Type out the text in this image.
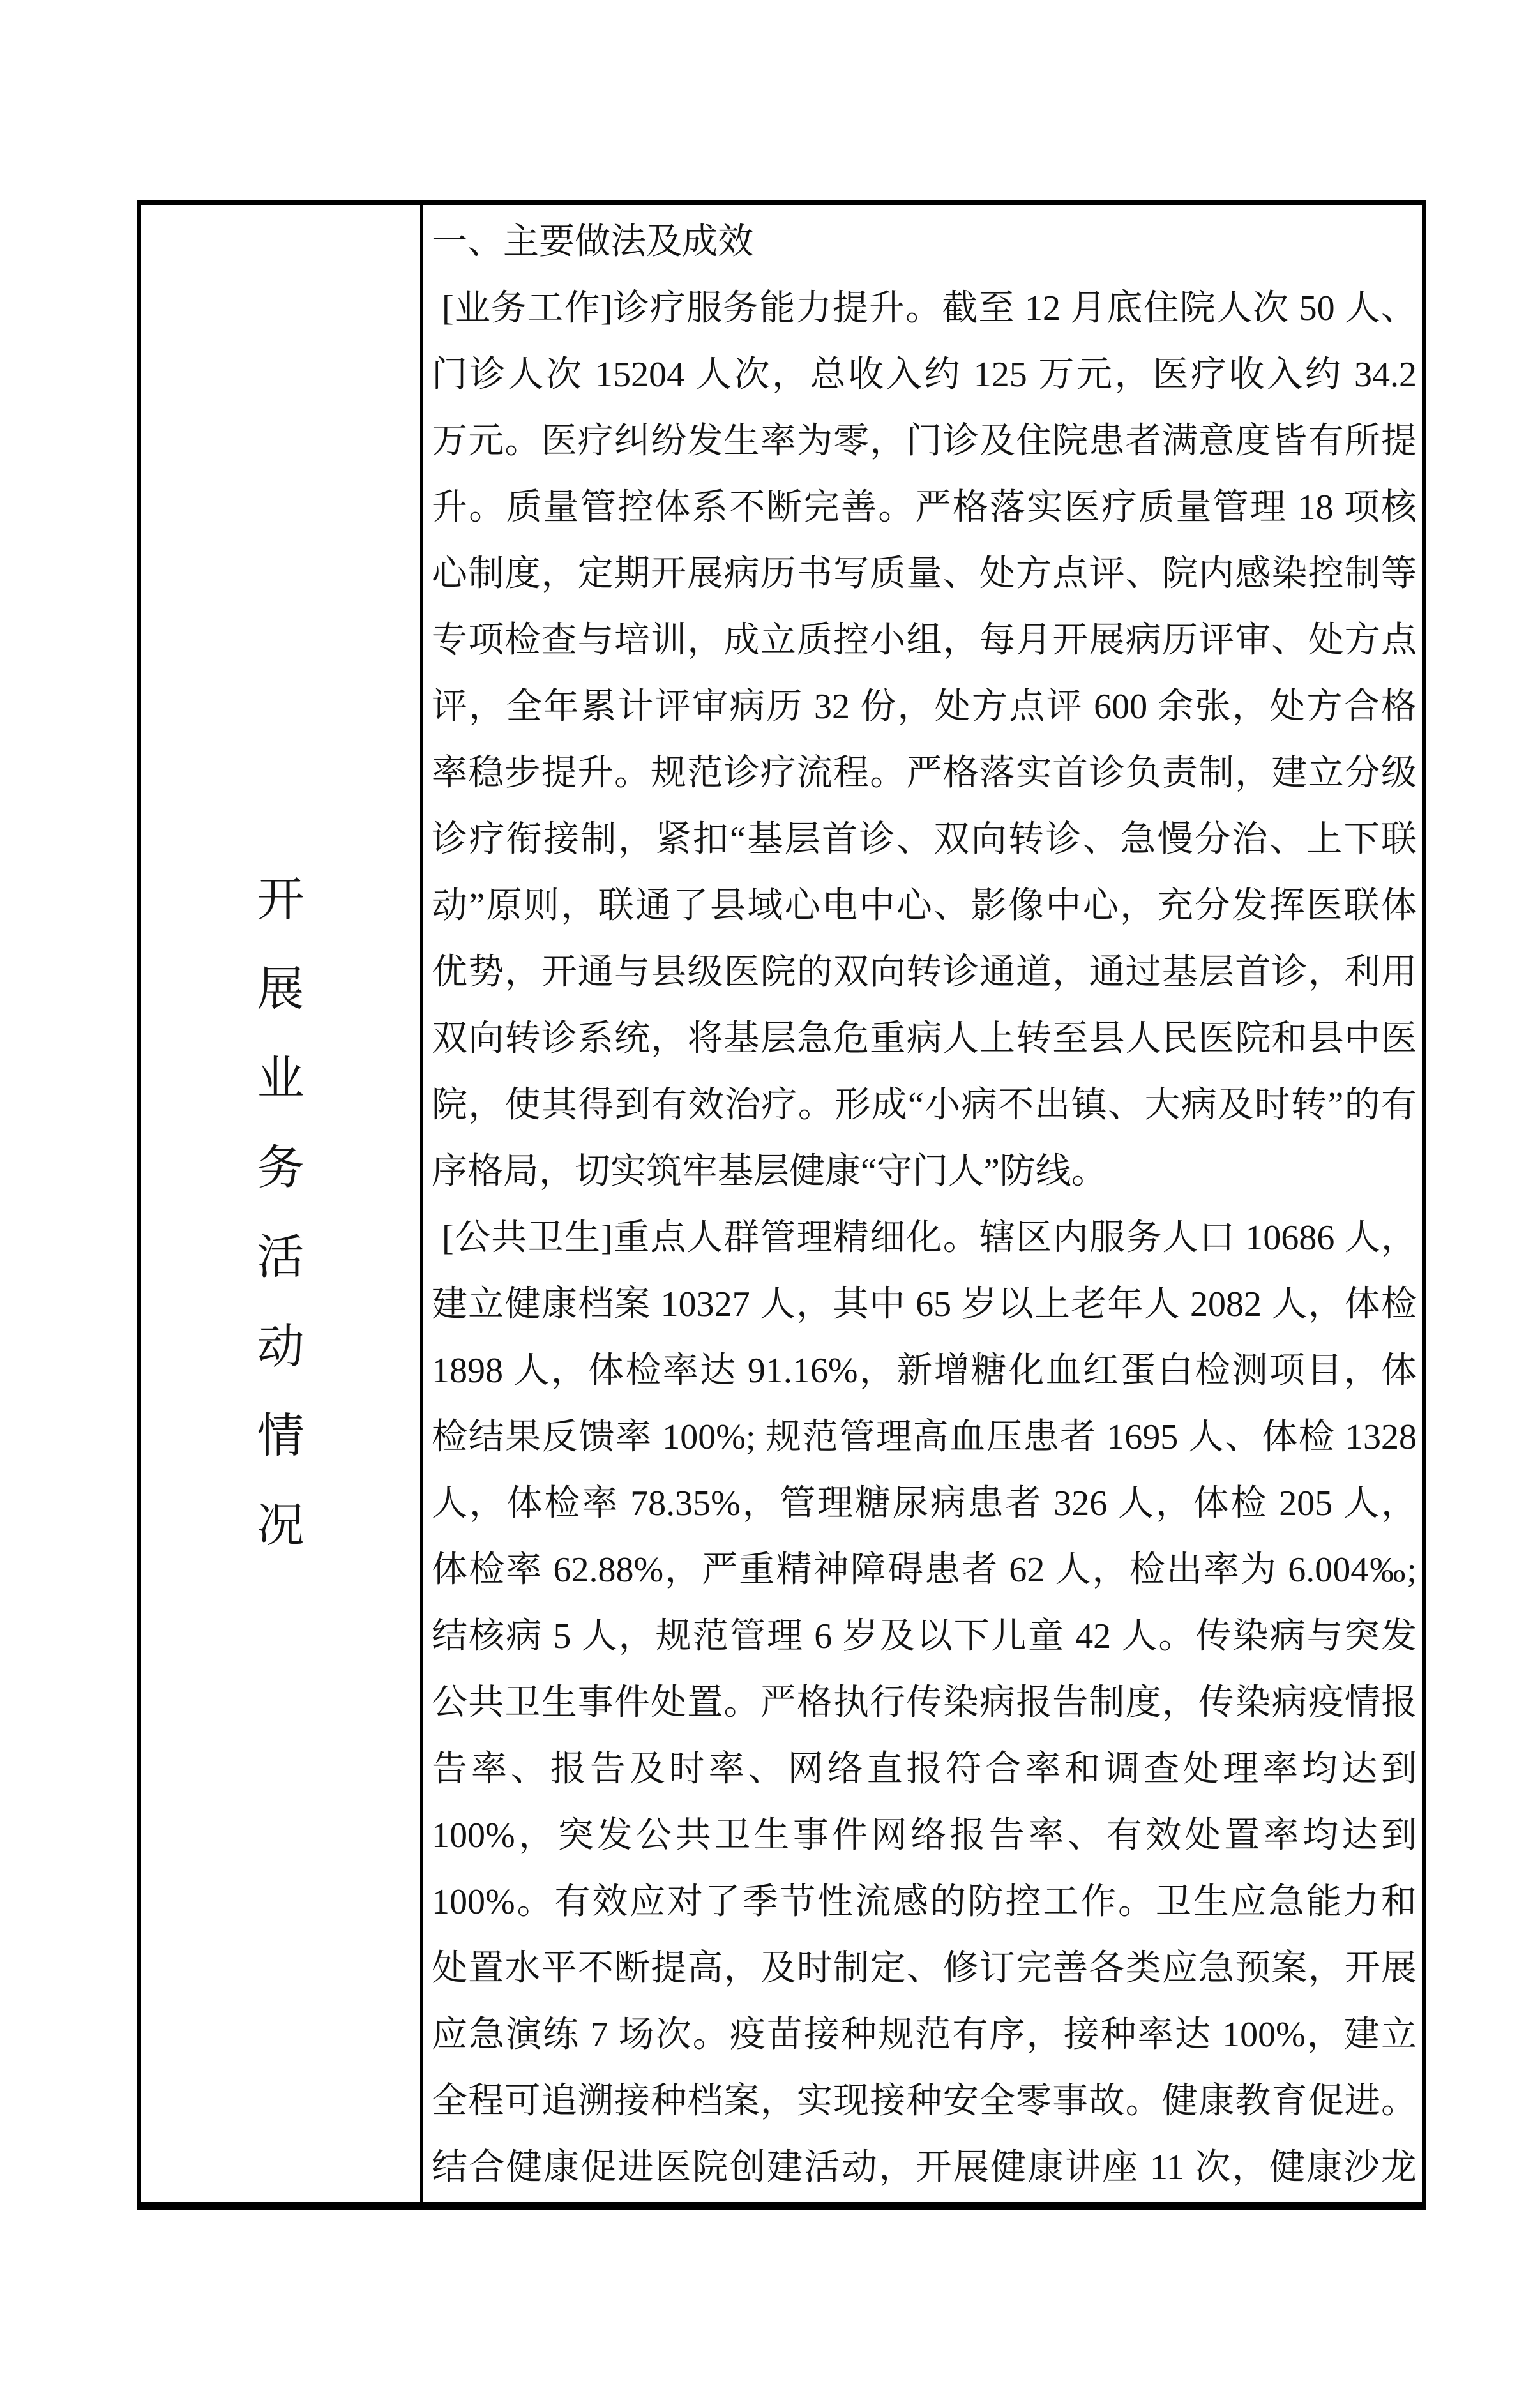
开
展
业
务
活
动
情
况
一、主要做法及成效
[业务工作]诊疗服务能力提升。截至 12 月底住院人次 50 人、
门诊人次 15204 人次，总收入约 125 万元，医疗收入约 34.2
万元。医疗纠纷发生率为零，门诊及住院患者满意度皆有所提
升。质量管控体系不断完善。严格落实医疗质量管理 18 项核
心制度，定期开展病历书写质量、处方点评、院内感染控制等
专项检查与培训，成立质控小组，每月开展病历评审、处方点
评，全年累计评审病历 32 份，处方点评 600 余张，处方合格
率稳步提升。规范诊疗流程。严格落实首诊负责制，建立分级
诊疗衔接制，紧扣“基层首诊、双向转诊、急慢分治、上下联
动”原则，联通了县域心电中心、影像中心，充分发挥医联体
优势，开通与县级医院的双向转诊通道，通过基层首诊，利用
双向转诊系统，将基层急危重病人上转至县人民医院和县中医
院，使其得到有效治疗。形成“小病不出镇、大病及时转”的有
序格局，切实筑牢基层健康“守门人”防线。
[公共卫生]重点人群管理精细化。辖区内服务人口 10686 人，
建立健康档案 10327 人，其中 65 岁以上老年人 2082 人，体检
1898 人，体检率达 91.16%，新增糖化血红蛋白检测项目，体
检结果反馈率 100%; 规范管理高血压患者 1695 人、体检 1328
人，体检率 78.35%，管理糖尿病患者 326 人，体检 205 人，
体检率 62.88%，严重精神障碍患者 62 人，检出率为 6.004‰;
结核病 5 人，规范管理 6 岁及以下儿童 42 人。传染病与突发
公共卫生事件处置。严格执行传染病报告制度，传染病疫情报
告率、报告及时率、网络直报符合率和调查处理率均达到
100%，突发公共卫生事件网络报告率、有效处置率均达到
100%。有效应对了季节性流感的防控工作。卫生应急能力和
处置水平不断提高，及时制定、修订完善各类应急预案，开展
应急演练 7 场次。疫苗接种规范有序，接种率达 100%，建立
全程可追溯接种档案，实现接种安全零事故。健康教育促进。
结合健康促进医院创建活动，开展健康讲座 11 次，健康沙龙
